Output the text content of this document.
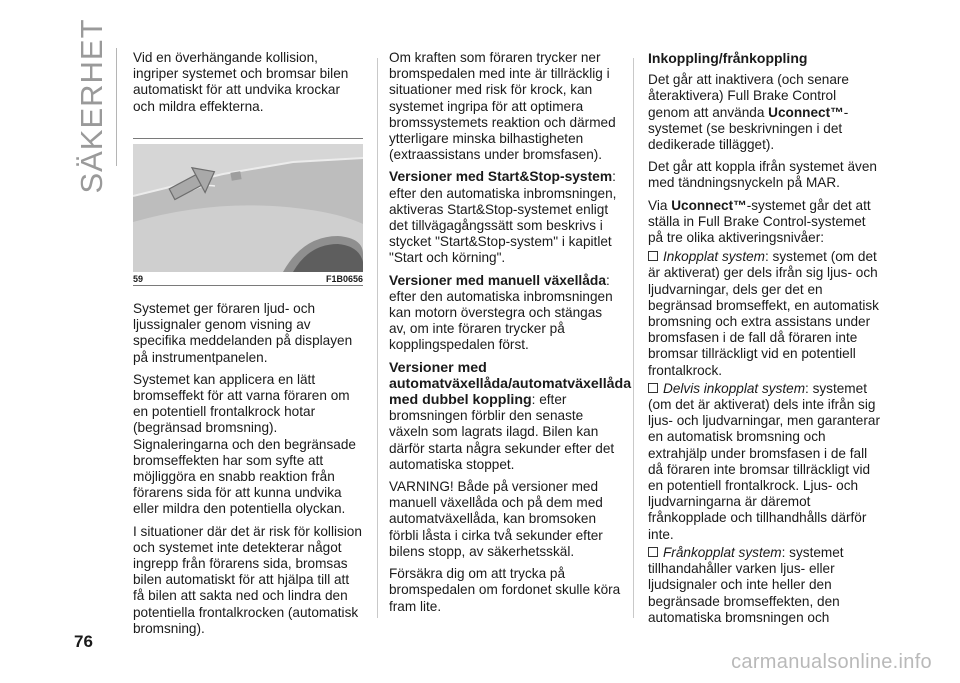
SÄKERHET Vid en överhängande kollision, ingriper systemet och bromsar bilen automatiskt för att undvika krockar och mildra effekterna.

59	F1B0656

Systemet ger föraren ljud- och ljussignaler genom visning av specifika meddelanden på displayen på instrumentpanelen.

Systemet kan applicera en lätt bromseffekt för att varna föraren om en potentiell frontalkrock hotar (begränsad bromsning). Signaleringarna och den begränsade bromseffekten har som syfte att möjliggöra en snabb reaktion från förarens sida för att kunna undvika eller mildra den potentiella olyckan.

I situationer där det är risk för kollision och systemet inte detekterar något ingrepp från förarens sida, bromsas bilen automatiskt för att hjälpa till att få bilen att sakta ned och lindra den potentiella frontalkrocken (automatisk bromsning).

Om kraften som föraren trycker ner bromspedalen med inte är tillräcklig i situationer med risk för krock, kan systemet ingripa för att optimera bromssystemets reaktion och därmed ytterligare minska bilhastigheten (extraassistans under bromsfasen).

Versioner med Start&Stop-system: efter den automatiska inbromsningen, aktiveras Start&Stop-systemet enligt det tillvägagångssätt som beskrivs i stycket "Start&Stop-system" i kapitlet "Start och körning".

Versioner med manuell växellåda: efter den automatiska inbromsningen kan motorn överstegra och stängas av, om inte föraren trycker på kopplingspedalen först.

Versioner med automatväxellåda/automatväxellåda med dubbel koppling: efter bromsningen förblir den senaste växeln som lagrats ilagd. Bilen kan därför starta några sekunder efter det automatiska stoppet.

VARNING! Både på versioner med manuell växellåda och på dem med automatväxellåda, kan bromsoken förbli låsta i cirka två sekunder efter bilens stopp, av säkerhetsskäl.

Försäkra dig om att trycka på bromspedalen om fordonet skulle köra fram lite.

Inkoppling/frånkoppling

Det går att inaktivera (och senare återaktivera) Full Brake Control genom att använda Uconnect™-systemet (se beskrivningen i det dedikerade tillägget).

Det går att koppla ifrån systemet även med tändningsnyckeln på MAR.

Via Uconnect™-systemet går det att ställa in Full Brake Control-systemet på tre olika aktiveringsnivåer:

Inkopplat system: systemet (om det är aktiverat) ger dels ifrån sig ljus- och ljudvarningar, dels ger det en begränsad bromseffekt, en automatisk bromsning och extra assistans under bromsfasen i de fall då föraren inte bromsar tillräckligt vid en potentiell frontalkrock.

Delvis inkopplat system: systemet (om det är aktiverat) dels inte ifrån sig ljus- och ljudvarningar, men garanterar en automatisk bromsning och extrahjälp under bromsfasen i de fall då föraren inte bromsar tillräckligt vid en potentiell frontalkrock. Ljus- och ljudvarningarna är däremot frånkopplade och tillhandhålls därför inte.

Frånkopplat system: systemet tillhandahåller varken ljus- eller ljudsignaler och inte heller den begränsade bromseffekten, den automatiska bromsningen och

76
carmanualsonline.info
